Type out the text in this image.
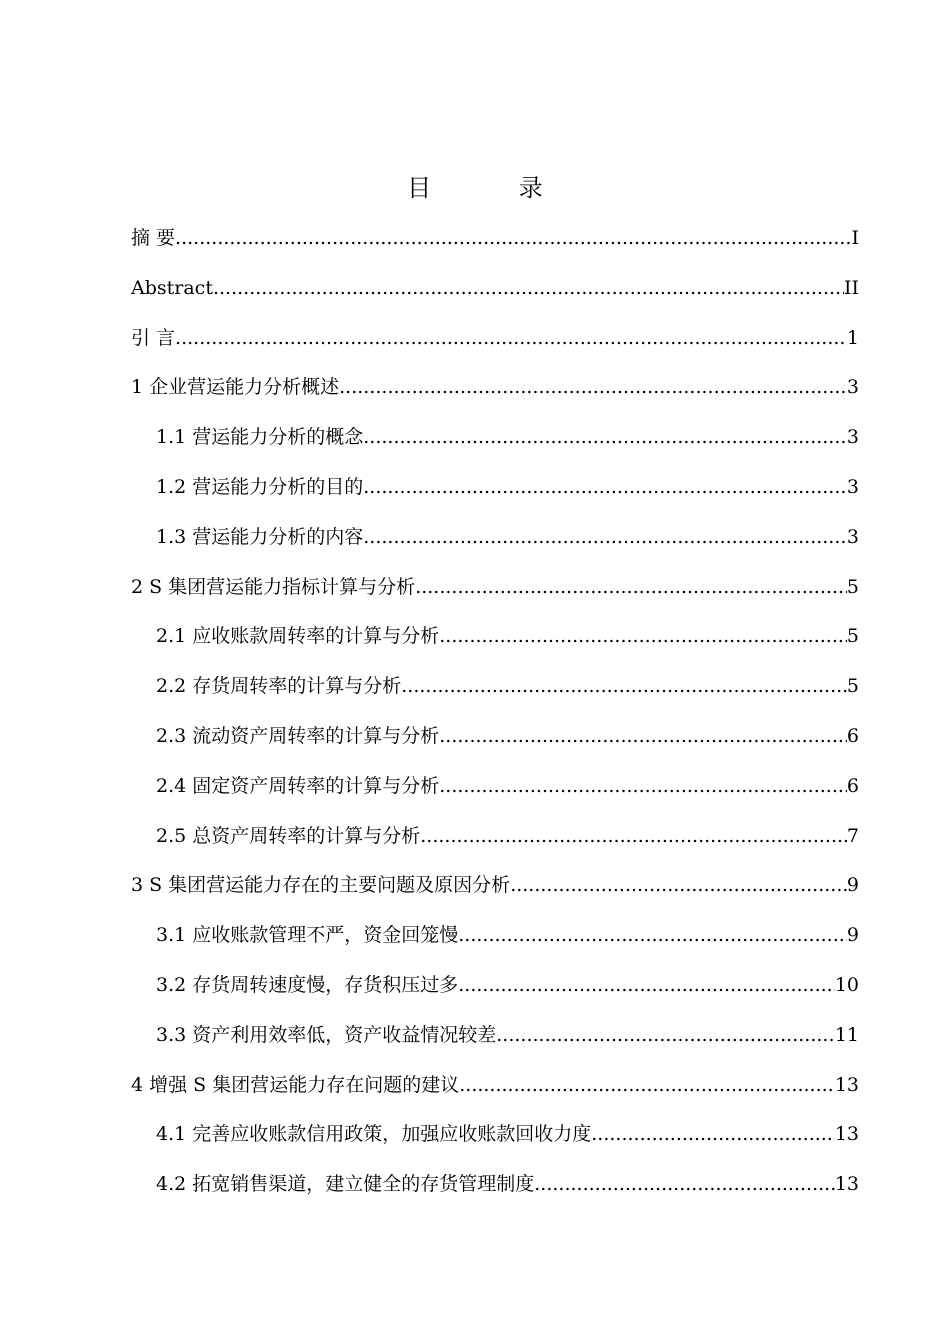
目 录
摘 要 .....	I
Abstract .....	II
引 言 .....	1
1 企业营运能力分析概述 .....	3
1.1 营运能力分析的概念 .....	3
1.2 营运能力分析的目的 .....	3
1.3 营运能力分析的内容 .....	3
2 S 集团营运能力指标计算与分析 .....	5
2.1 应收账款周转率的计算与分析 .....	5
2.2 存货周转率的计算与分析 .....	5
2.3 流动资产周转率的计算与分析 .....	6
2.4 固定资产周转率的计算与分析 .....	6
2.5 总资产周转率的计算与分析 .....	7
3 S 集团营运能力存在的主要问题及原因分析 .....	9
3.1 应收账款管理不严，资金回笼慢 .....	9
3.2 存货周转速度慢，存货积压过多 .....	10
3.3 资产利用效率低，资产收益情况较差 .....	11
4 增强 S 集团营运能力存在问题的建议 .....	13
4.1 完善应收账款信用政策，加强应收账款回收力度 .....	13
4.2 拓宽销售渠道，建立健全的存货管理制度 .....	13
